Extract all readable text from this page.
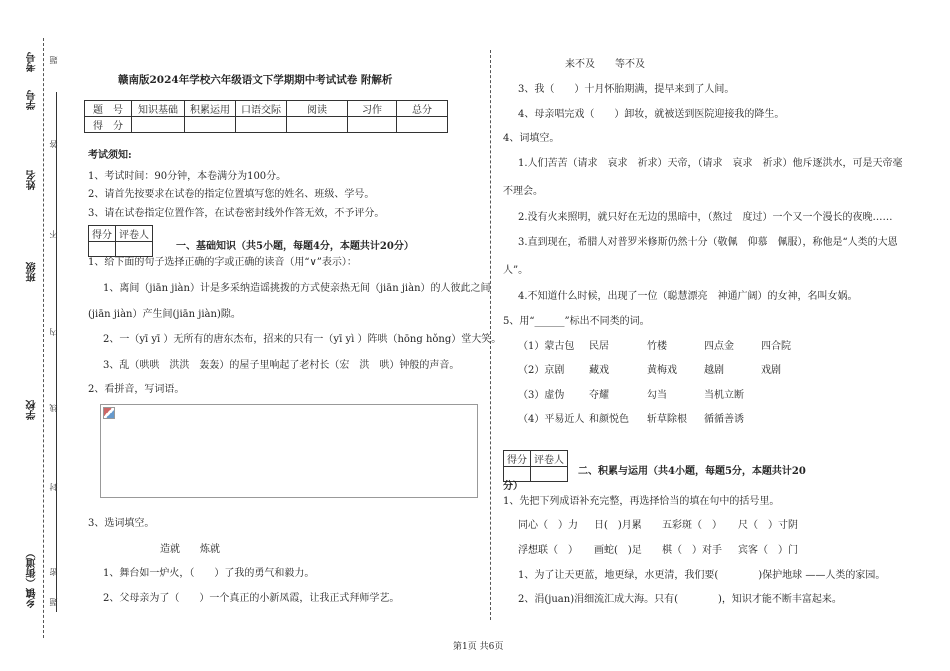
考号
学号
题
姓名
答
不
班级
内
学校 线
封
乡镇（街道） 密
题
赣南版2024年学校六年级语文下学期期中考试试卷 附解析
题　号	知识基础	积累运用	口语交际	阅读	习作	总分
得　分						
考试须知:
1、考试时间：90分钟，本卷满分为100分。
2、请首先按要求在试卷的指定位置填写您的姓名、班级、学号。
3、请在试卷指定位置作答，在试卷密封线外作答无效，不予评分。
得分	评卷人

一、基础知识（共5小题，每题4分，本题共计20分）
1、给下面的句子选择正确的字或正确的读音（用“∨”表示）：
1、离间（jiān jiàn）计是多采纳造谣挑拨的方式使亲热无间（jiān jiàn）的人彼此之间
(jiān jiàn）产生间(jiān jiàn)隙。
2、一（yī yī ）无所有的唐东杰布，招来的只有一（yī yì ）阵哄（hōng hǒng）堂大笑。
3、乱（哄哄　洪洪　轰轰）的屋子里响起了老村长（宏　洪　哄）钟般的声音。
2、看拼音，写词语。
3、选词填空。
造就　　炼就
1、舞台如一炉火，（　　）了我的勇气和毅力。
2、父母亲为了（　　）一个真正的小新凤霞，让我正式拜师学艺。
来不及　　等不及
3、我（　　）十月怀胎期满，提早来到了人间。
4、母亲唱完戏（　　）卸妆，就被送到医院迎接我的降生。
4、词填空。
1.人们苦苦（请求　哀求　祈求）天帝，（请求　哀求　祈求）他斥逐洪水，可是天帝毫
不理会。
2.没有火来照明，就只好在无边的黑暗中，（熬过　度过）一个又一个漫长的夜晚……
3.直到现在，希腊人对普罗米修斯仍然十分（敬佩　仰慕　佩服），称他是“人类的大恩
人”。
4.不知道什么时候，出现了一位（聪慧漂亮　神通广阔）的女神，名叫女娲。
5、用“______”标出不同类的词。
（1）蒙古包 民居	竹楼	四点金	四合院
（2）京剧 藏戏	黄梅戏	越剧	戏剧
（3）虚伪 夺耀	勾当	当机立断
（4）平易近人 和颜悦色 斩草除根 循循善诱
得分	评卷人

二、积累与运用（共4小题，每题5分，本题共计20
分）
1、先把下列成语补充完整，再选择恰当的填在句中的括号里。
同心（　）力 日(　)月累 五彩斑（　） 尺（　）寸阴
浮想联（　） 画蛇(　)足 棋（　）对手 宾客（　）门
1、为了让天更蓝，地更绿，水更清，我们要(　　　　)保护地球 ——人类的家园。
2、涓(juan)涓细流汇成大海。只有(　　　　)，知识才能不断丰富起来。
第1页 共6页
